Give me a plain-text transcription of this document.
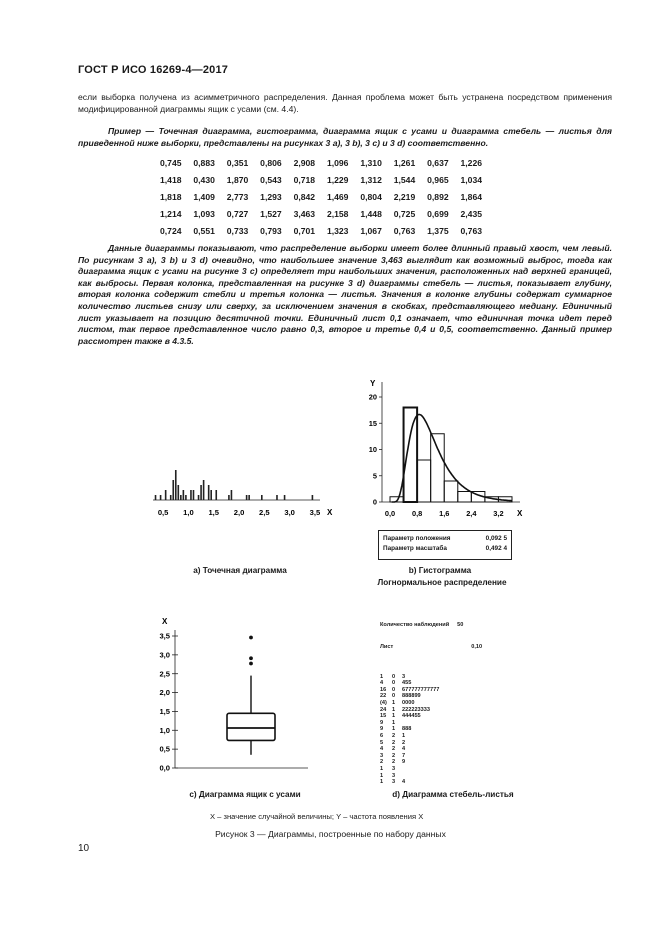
ГОСТ Р ИСО 16269-4—2017
если выборка получена из асимметричного распределения. Данная проблема может быть устранена посредством применения модифицированной диаграммы ящик с усами (см. 4.4).
Пример — Точечная диаграмма, гистограмма, диаграмма ящик с усами и диаграмма стебель — листья для приведенной ниже выборки, представлены на рисунках 3 а), 3 b), 3 с) и 3 d) соответственно.
0,745	0,883	0,351	0,806	2,908	1,096	1,310	1,261	0,637	1,226
1,418	0,430	1,870	0,543	0,718	1,229	1,312	1,544	0,965	1,034
1,818	1,409	2,773	1,293	0,842	1,469	0,804	2,219	0,892	1,864
1,214	1,093	0,727	1,527	3,463	2,158	1,448	0,725	0,699	2,435
0,724	0,551	0,733	0,793	0,701	1,323	1,067	0,763	1,375	0,763
Данные диаграммы показывают, что распределение выборки имеет более длинный правый хвост, чем левый. По рисункам 3 а), 3 b) и 3 d) очевидно, что наибольшее значение 3,463 выглядит как возможный выброс, тогда как диаграмма ящик с усами на рисунке 3 с) определяет три наибольших значения, расположенных над верхней границей, как выбросы. Первая колонка, представленная на рисунке 3 d) диаграммы стебель — листья, показывает глубину, вторая колонка содержит стебли и третья колонка — листья. Значения в колонке глубины содержат суммарное количество листьев снизу или сверху, за исключением значения в скобках, представляющего медиану. Единичный лист указывает на позицию десятичной точки. Единичный лист 0,1 означает, что единичная точка идет перед листом, так первое представленное число равно 0,3, второе и третье 0,4 и 0,5, соответственно. Данный пример рассмотрен также в 4.3.5.
0,5 1,0 1,5 2,0 2,5 3,0 3,5 X
а) Точечная диаграмма
Y
X
0
5
10
15
20
0,0 0,8 1,6 2,4 3,2
Параметр положения	0,092 5
Параметр масштаба	0,492 4
b) Гистограмма
Логнормальное распределение
X
0,0
0,5
1,0
1,5
2,0
2,5
3,0
3,5
с) Диаграмма ящик с усами

Количество наблюдений 50

Лист	0,10

1 0 3
4 0 455
16 0 677777777777
22 0 888899
(4) 1 0000
24 1 222223333
15 1 444455
9 1
9 1 888
6 2 1
5 2 2
4 2 4
3 2 7
2 2 9
1 3
1 3
1 3 4

d) Диаграмма стебель-листья
X – значение случайной величины; Y – частота появления X
Рисунок 3 — Диаграммы, построенные по набору данных
10
